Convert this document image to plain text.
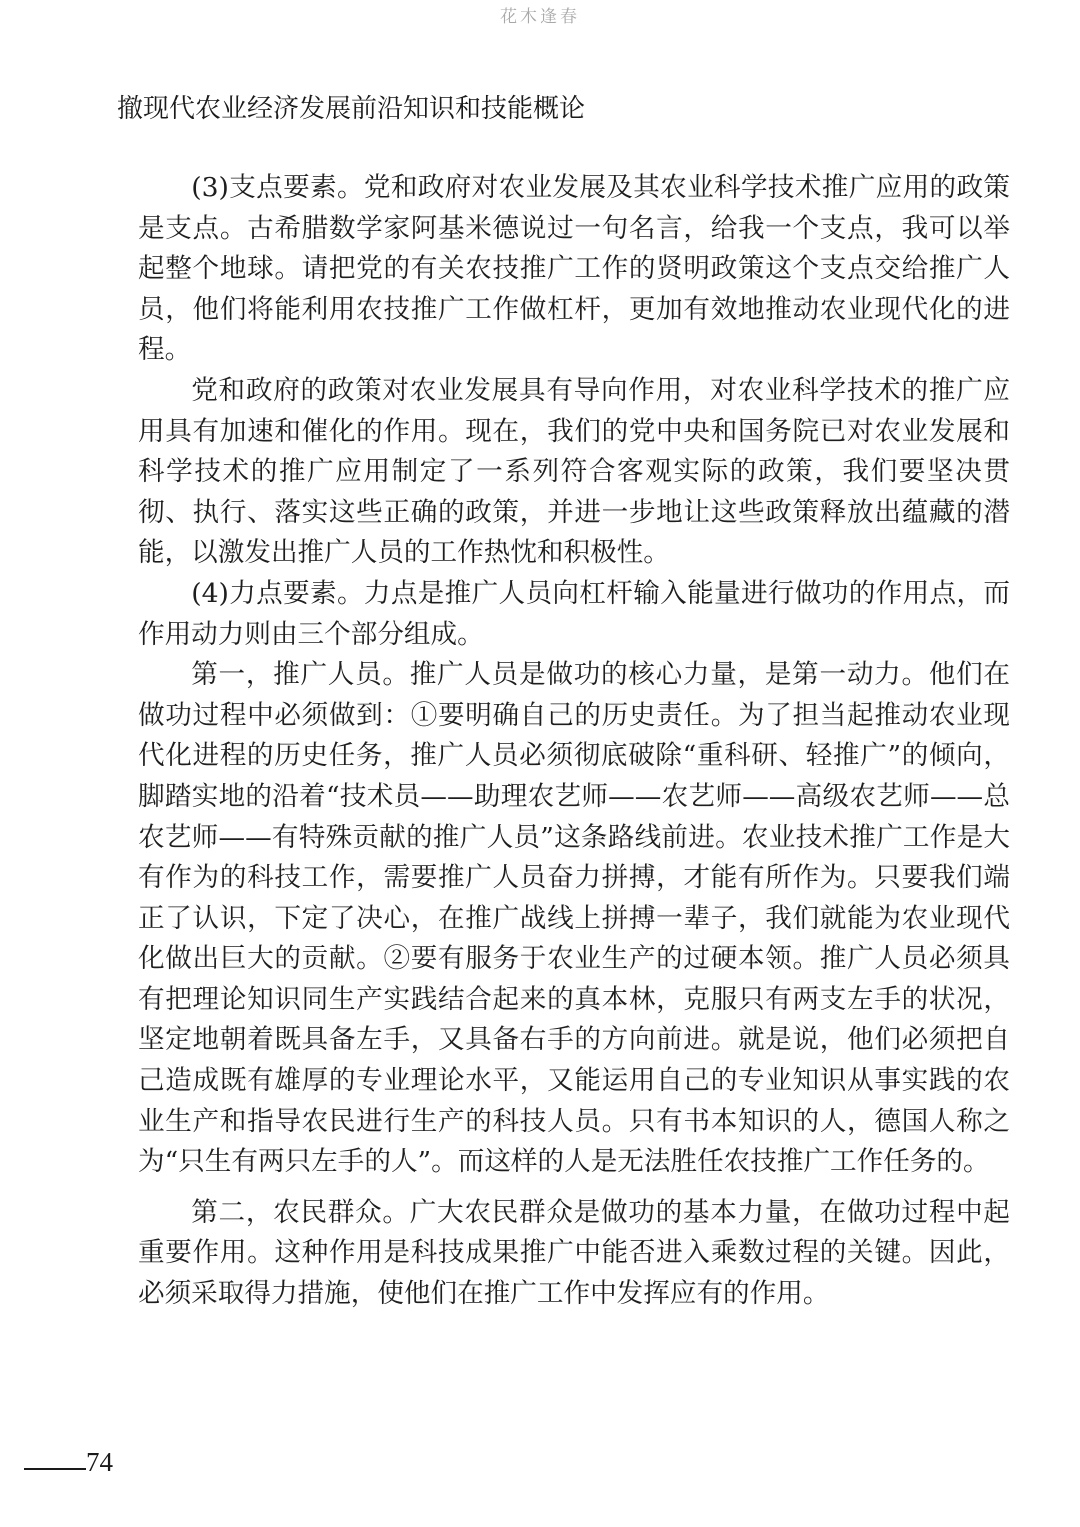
花木逢春
撤现代农业经济发展前沿知识和技能概论

(3)支点要素。党和政府对农业发展及其农业科学技术推广应用的政策是支点。古希腊数学家阿基米德说过一句名言，给我一个支点，我可以举起整个地球。请把党的有关农技推广工作的贤明政策这个支点交给推广人员，他们将能利用农技推广工作做杠杆，更加有效地推动农业现代化的进程。

党和政府的政策对农业发展具有导向作用，对农业科学技术的推广应用具有加速和催化的作用。现在，我们的党中央和国务院已对农业发展和科学技术的推广应用制定了一系列符合客观实际的政策，我们要坚决贯彻、执行、落实这些正确的政策，并进一步地让这些政策释放出蕴藏的潜能，以激发出推广人员的工作热忱和积极性。

(4)力点要素。力点是推广人员向杠杆输入能量进行做功的作用点，而作用动力则由三个部分组成。

第一，推广人员。推广人员是做功的核心力量，是第一动力。他们在做功过程中必须做到：①要明确自己的历史责任。为了担当起推动农业现代化进程的历史任务，推广人员必须彻底破除“重科研、轻推广”的倾向，脚踏实地的沿着“技术员——助理农艺师——农艺师——高级农艺师——总农艺师——有特殊贡献的推广人员”这条路线前进。农业技术推广工作是大有作为的科技工作，需要推广人员奋力拼搏，才能有所作为。只要我们端正了认识，下定了决心，在推广战线上拼搏一辈子，我们就能为农业现代化做出巨大的贡献。②要有服务于农业生产的过硬本领。推广人员必须具有把理论知识同生产实践结合起来的真本林，克服只有两支左手的状况，坚定地朝着既具备左手，又具备右手的方向前进。就是说，他们必须把自己造成既有雄厚的专业理论水平，又能运用自己的专业知识从事实践的农业生产和指导农民进行生产的科技人员。只有书本知识的人，德国人称之为“只生有两只左手的人”。而这样的人是无法胜任农技推广工作任务的。

第二，农民群众。广大农民群众是做功的基本力量，在做功过程中起重要作用。这种作用是科技成果推广中能否进入乘数过程的关键。因此，必须采取得力措施，使他们在推广工作中发挥应有的作用。

74
